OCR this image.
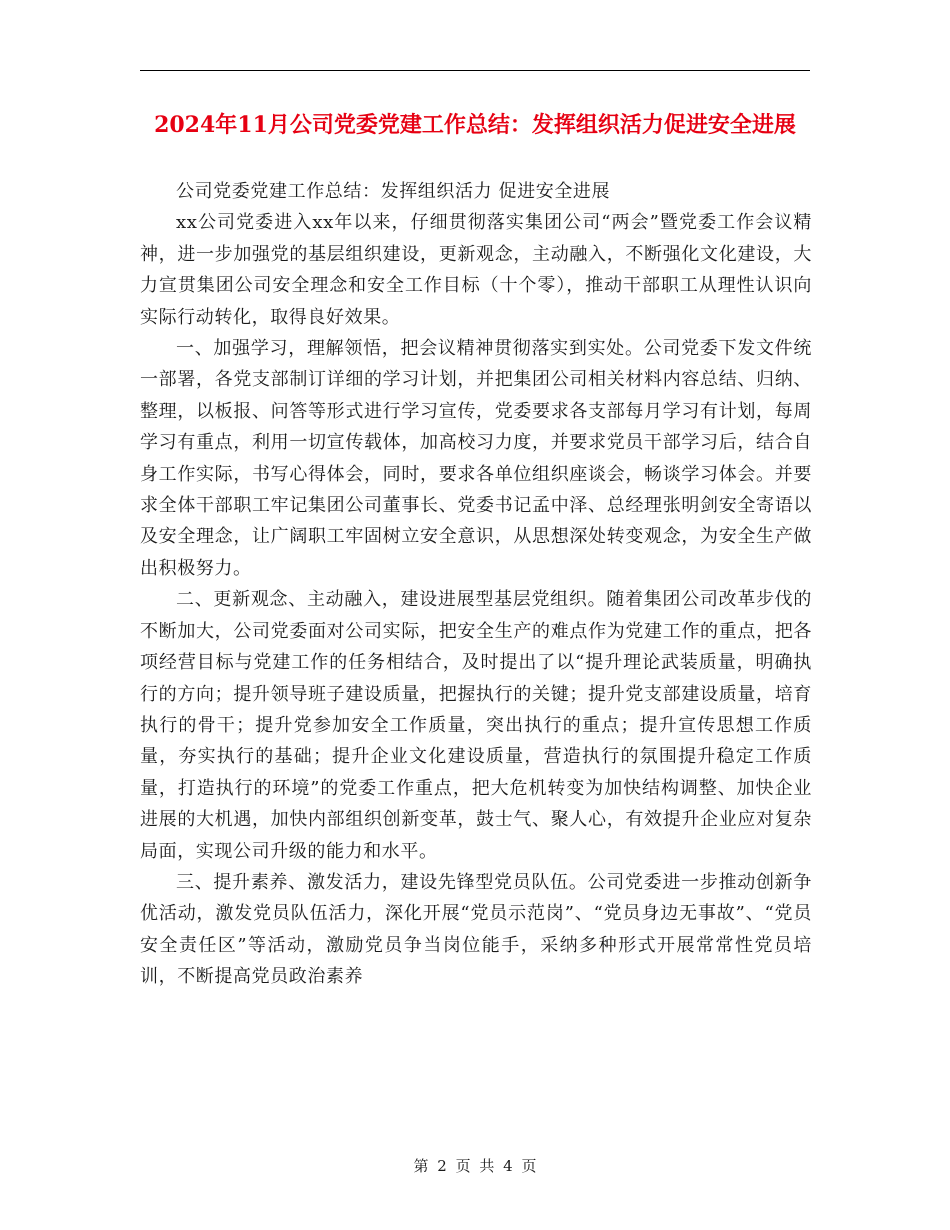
2024年11月公司党委党建工作总结：发挥组织活力促进安全进展

公司党委党建工作总结：发挥组织活力 促进安全进展

xx公司党委进入xx年以来，仔细贯彻落实集团公司“两会”暨党委工作会议精神，进一步加强党的基层组织建设，更新观念，主动融入，不断强化文化建设，大力宣贯集团公司安全理念和安全工作目标（十个零），推动干部职工从理性认识向实际行动转化，取得良好效果。

一、加强学习，理解领悟，把会议精神贯彻落实到实处。公司党委下发文件统一部署，各党支部制订详细的学习计划，并把集团公司相关材料内容总结、归纳、整理，以板报、问答等形式进行学习宣传，党委要求各支部每月学习有计划，每周学习有重点，利用一切宣传载体，加高校习力度，并要求党员干部学习后，结合自身工作实际，书写心得体会，同时，要求各单位组织座谈会，畅谈学习体会。并要求全体干部职工牢记集团公司董事长、党委书记孟中泽、总经理张明剑安全寄语以及安全理念，让广阔职工牢固树立安全意识，从思想深处转变观念，为安全生产做出积极努力。

二、更新观念、主动融入，建设进展型基层党组织。随着集团公司改革步伐的不断加大，公司党委面对公司实际，把安全生产的难点作为党建工作的重点，把各项经营目标与党建工作的任务相结合，及时提出了以“提升理论武装质量，明确执行的方向；提升领导班子建设质量，把握执行的关键；提升党支部建设质量，培育执行的骨干；提升党参加安全工作质量，突出执行的重点；提升宣传思想工作质量，夯实执行的基础；提升企业文化建设质量，营造执行的氛围提升稳定工作质量，打造执行的环境”的党委工作重点，把大危机转变为加快结构调整、加快企业进展的大机遇，加快内部组织创新变革，鼓士气、聚人心，有效提升企业应对复杂局面，实现公司升级的能力和水平。

三、提升素养、激发活力，建设先锋型党员队伍。公司党委进一步推动创新争优活动，激发党员队伍活力，深化开展“党员示范岗”、“党员身边无事故”、“党员安全责任区”等活动，激励党员争当岗位能手，采纳多种形式开展常常性党员培训，不断提高党员政治素养

第 2 页 共 4 页
